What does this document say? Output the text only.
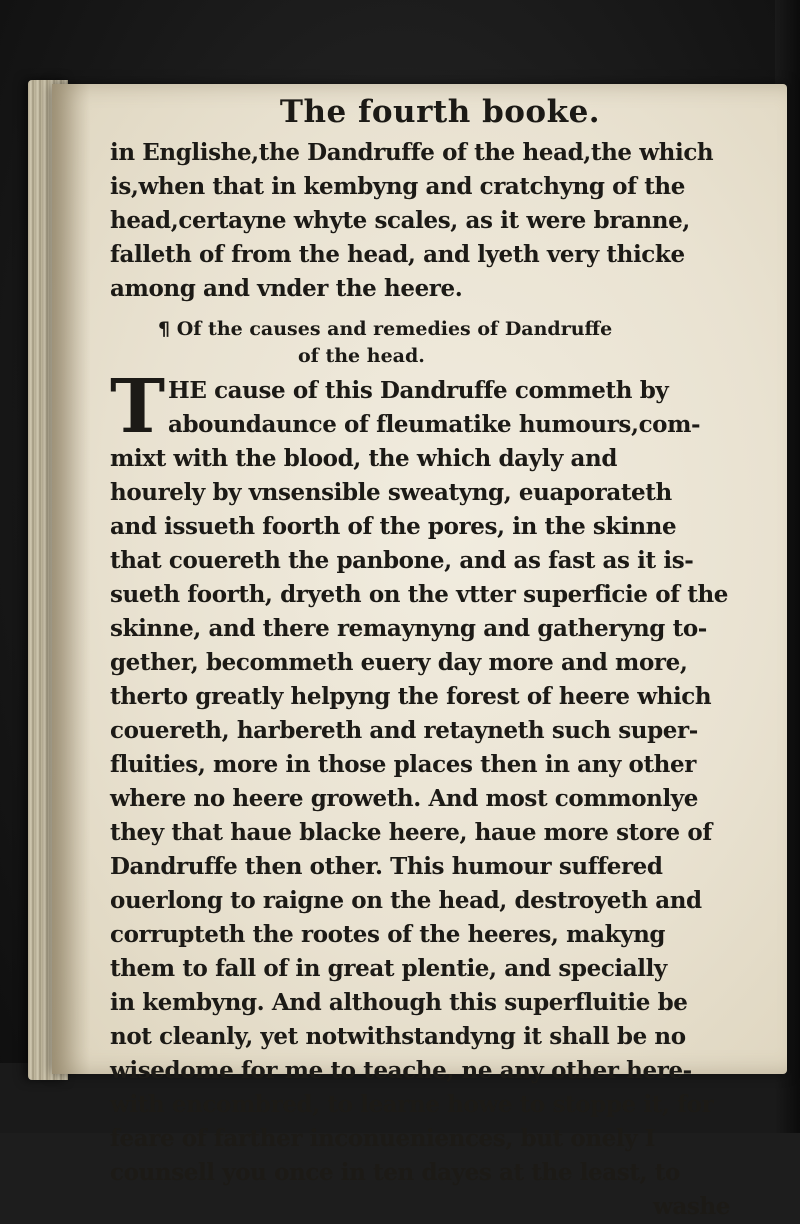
The fourth booke.
in Englishe,the Dandruffe of the head,the which
is,when that in kembyng and cratchyng of the
head,certayne whyte scales, as it were branne,
falleth of from the head, and lyeth very thicke
among and vnder the heere.
¶ Of the causes and remedies of Dandruffe
of the head.
T HE cause of this Dandruffe commeth by
aboundaunce of fleumatike humours,com-
mixt with the blood, the which dayly and
hourely by vnsensible sweatyng, euaporateth
and issueth foorth of the pores, in the skinne
that couereth the panbone, and as fast as it is-
sueth foorth, dryeth on the vtter superficie of the
skinne, and there remaynyng and gatheryng to-
gether, becommeth euery day more and more,
therto greatly helpyng the forest of heere which
couereth, harbereth and retayneth such super-
fluities, more in those places then in any other
where no heere groweth. And most commonlye
they that haue blacke heere, haue more store of
Dandruffe then other. This humour suffered
ouerlong to raigne on the head, destroyeth and
corrupteth the rootes of the heeres, makyng
them to fall of in great plentie, and specially
in kembyng. And although this superfluitie be
not cleanly, yet notwithstandyng it shall be no
wisedome for me to teache, ne any other here-
with encombred, to learne howe to stoppe it, for
feare of farther inconueniences, but onely I
counsell you once in ten dayes at the least, to
washe
